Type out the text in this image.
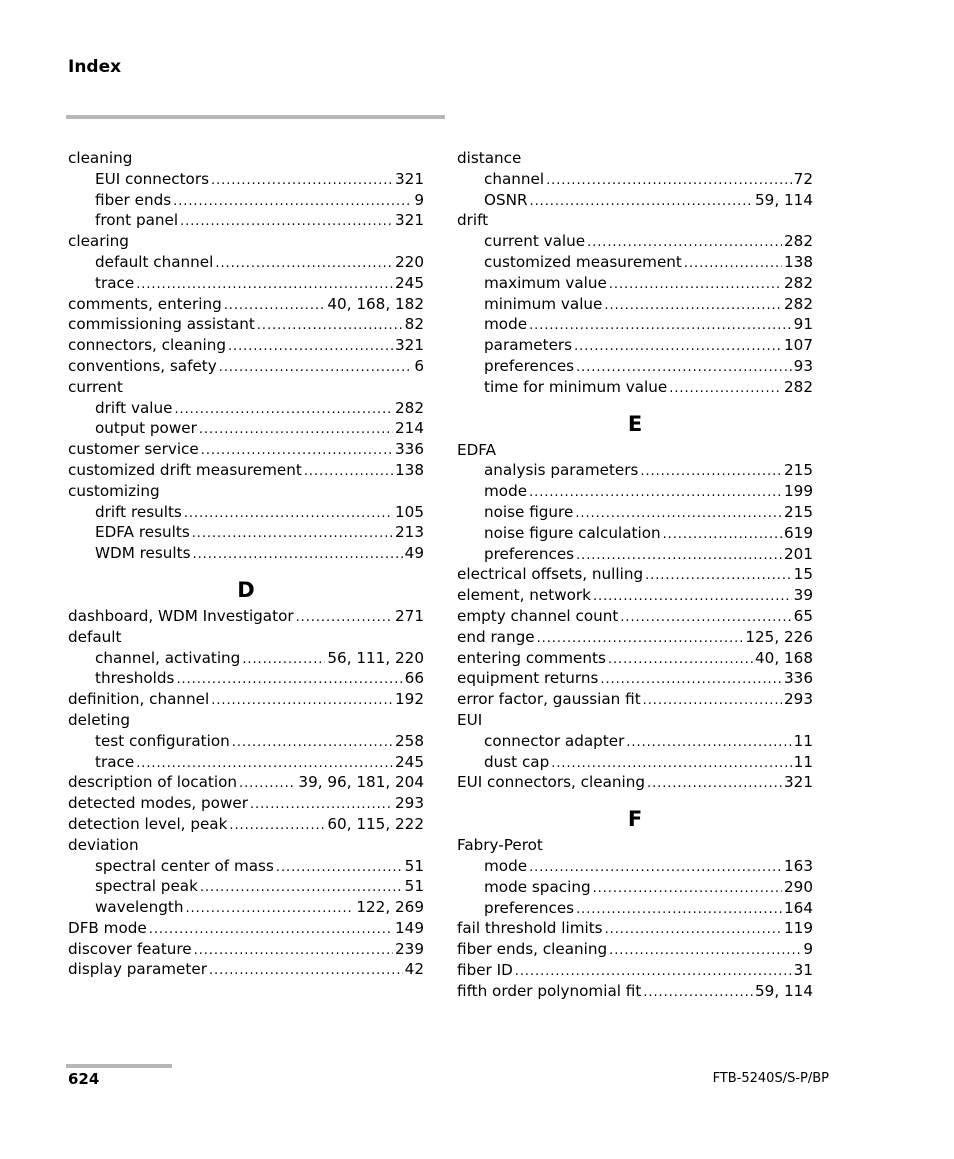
Index
cleaning
EUI connectors . . .	321
fiber ends . . .	9
front panel . . .	321
clearing
default channel . . .	220
trace . . .	245
comments, entering . . .	40, 168, 182
commissioning assistant . . .	82
connectors, cleaning . . .	321
conventions, safety . . .	6
current
drift value . . .	282
output power . . .	214
customer service . . .	336
customized drift measurement . . .	138
customizing
drift results . . .	105
EDFA results . . .	213
WDM results . . .	49
D
dashboard, WDM Investigator . . .	271
default
channel, activating . . .	56, 111, 220
thresholds . . .	66
definition, channel . . .	192
deleting
test configuration . . .	258
trace . . .	245
description of location . . .	39, 96, 181, 204
detected modes, power . . .	293
detection level, peak . . .	60, 115, 222
deviation
spectral center of mass . . .	51
spectral peak . . .	51
wavelength . . .	122, 269
DFB mode . . .	149
discover feature . . .	239
display parameter . . .	42
distance
channel . . .	72
OSNR . . .	59, 114
drift
current value . . .	282
customized measurement . . .	138
maximum value . . .	282
minimum value . . .	282
mode . . .	91
parameters . . .	107
preferences . . .	93
time for minimum value . . .	282
E
EDFA
analysis parameters . . .	215
mode . . .	199
noise figure . . .	215
noise figure calculation . . .	619
preferences . . .	201
electrical offsets, nulling . . .	15
element, network . . .	39
empty channel count . . .	65
end range . . .	125, 226
entering comments . . .	40, 168
equipment returns . . .	336
error factor, gaussian fit . . .	293
EUI
connector adapter . . .	11
dust cap . . .	11
EUI connectors, cleaning . . .	321
F
Fabry-Perot
mode . . .	163
mode spacing . . .	290
preferences . . .	164
fail threshold limits . . .	119
fiber ends, cleaning . . .	9
fiber ID . . .	31
fifth order polynomial fit . . .	59, 114
624	FTB-5240S/S-P/BP
